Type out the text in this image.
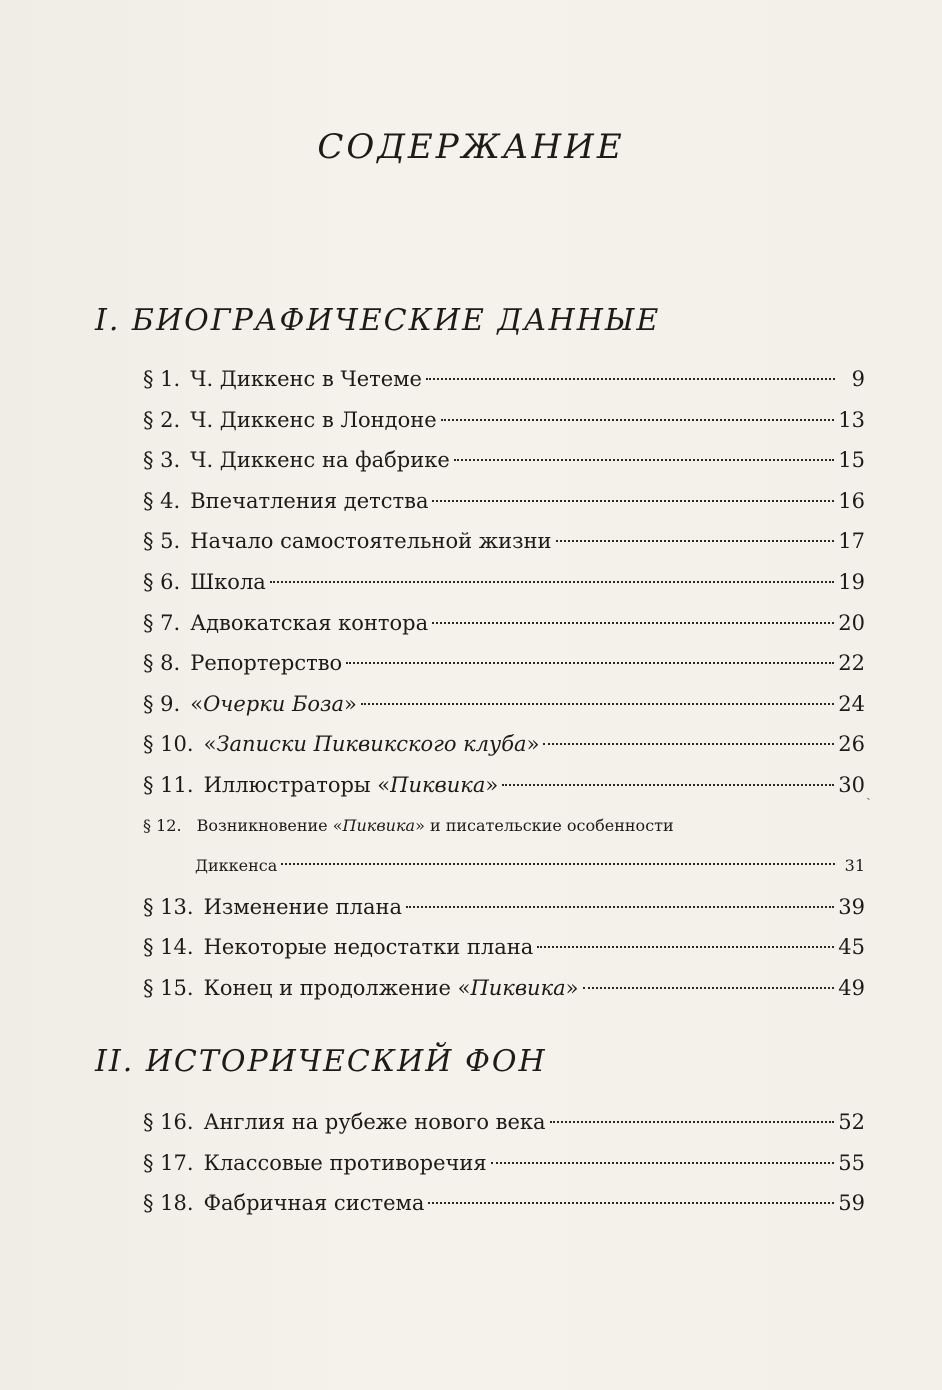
СОДЕРЖАНИЕ
I. БИОГРАФИЧЕСКИЕ ДАННЫЕ
§ 1. Ч. Диккенс в Четеме	9
§ 2. Ч. Диккенс в Лондоне	13
§ 3. Ч. Диккенс на фабрике	15
§ 4. Впечатления детства	16
§ 5. Начало самостоятельной жизни	17
§ 6. Школа	19
§ 7. Адвокатская контора	20
§ 8. Репортерство	22
§ 9. «Очерки Боза»	24
§ 10. «Записки Пиквикского клуба»	26
§ 11. Иллюстраторы «Пиквика»	30
§ 12. Возникновение «Пиквика» и писательские особенности
Диккенса	31
§ 13. Изменение плана	39
§ 14. Некоторые недостатки плана	45
§ 15. Конец и продолжение «Пиквика»	49
ˏ
II. ИСТОРИЧЕСКИЙ ФОН
§ 16. Англия на рубеже нового века	52
§ 17. Классовые противоречия	55
§ 18. Фабричная система	59
